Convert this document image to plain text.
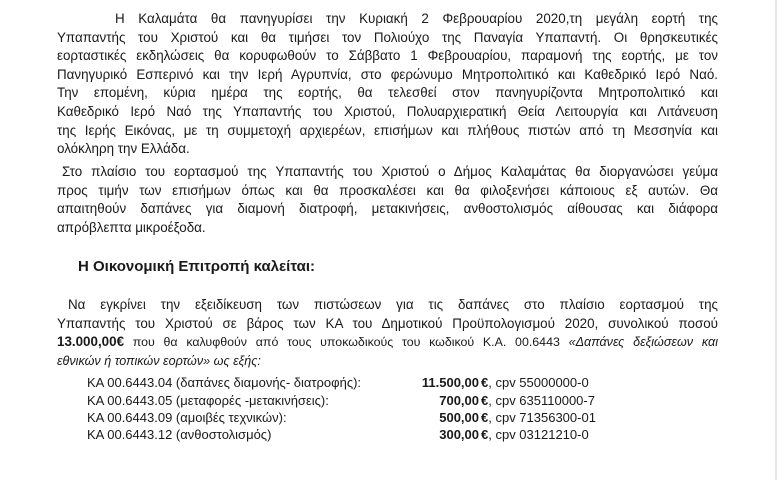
Η Καλαμάτα θα πανηγυρίσει την Κυριακή 2 Φεβρουαρίου 2020,τη μεγάλη εορτή της
Υπαπαντής του Χριστού και θα τιμήσει τον Πολιούχο της Παναγία Υπαπαντή. Οι θρησκευτικές
εορταστικές εκδηλώσεις θα κορυφωθούν το Σάββατο 1 Φεβρουαρίου, παραμονή της εορτής, με τον
Πανηγυρικό Εσπερινό και την Ιερή Αγρυπνία, στο φερώνυμο Μητροπολιτικό και Καθεδρικό Ιερό Ναό.
Την επομένη, κύρια ημέρα της εορτής, θα τελεσθεί στον πανηγυρίζοντα Μητροπολιτικό και
Καθεδρικό Ιερό Ναό της Υπαπαντής του Χριστού, Πολυαρχιερατική Θεία Λειτουργία και Λιτάνευση
της Ιερής Εικόνας, με τη συμμετοχή αρχιερέων, επισήμων και πλήθους πιστών από τη Μεσσηνία και
ολόκληρη την Ελλάδα.
Στο πλαίσιο του εορτασμού της Υπαπαντής του Χριστού ο Δήμος Καλαμάτας θα διοργανώσει γεύμα
προς τιμήν των επισήμων όπως και θα προσκαλέσει και θα φιλοξενήσει κάποιους εξ αυτών. Θα
απαιτηθούν δαπάνες για διαμονή διατροφή, μετακινήσεις, ανθοστολισμός αίθουσας και διάφορα
απρόβλεπτα μικροέξοδα.
Η Οικονομική Επιτροπή καλείται:
Να εγκρίνει την εξειδίκευση των πιστώσεων για τις δαπάνες στο πλαίσιο εορτασμού της
Υπαπαντής του Χριστού σε βάρος των ΚΑ του Δημοτικού Προϋπολογισμού 2020, συνολικού ποσού
13.000,00€ που θα καλυφθούν από τους υποκωδικούς του κωδικού Κ.Α. 00.6443 «Δαπάνες δεξιώσεων και
εθνικών ή τοπικών εορτών» ως εξής:
ΚΑ 00.6443.04 (δαπάνες διαμονής- διατροφής):	11.500,00 €, cpv 55000000-0
ΚΑ 00.6443.05 (μεταφορές -μετακινήσεις):	700,00 €, cpv 635110000-7
ΚΑ 00.6443.09 (αμοιβές τεχνικών):	500,00 €, cpv 71356300-01
ΚΑ 00.6443.12 (ανθοστολισμός)	300,00 €, cpv 03121210-0
